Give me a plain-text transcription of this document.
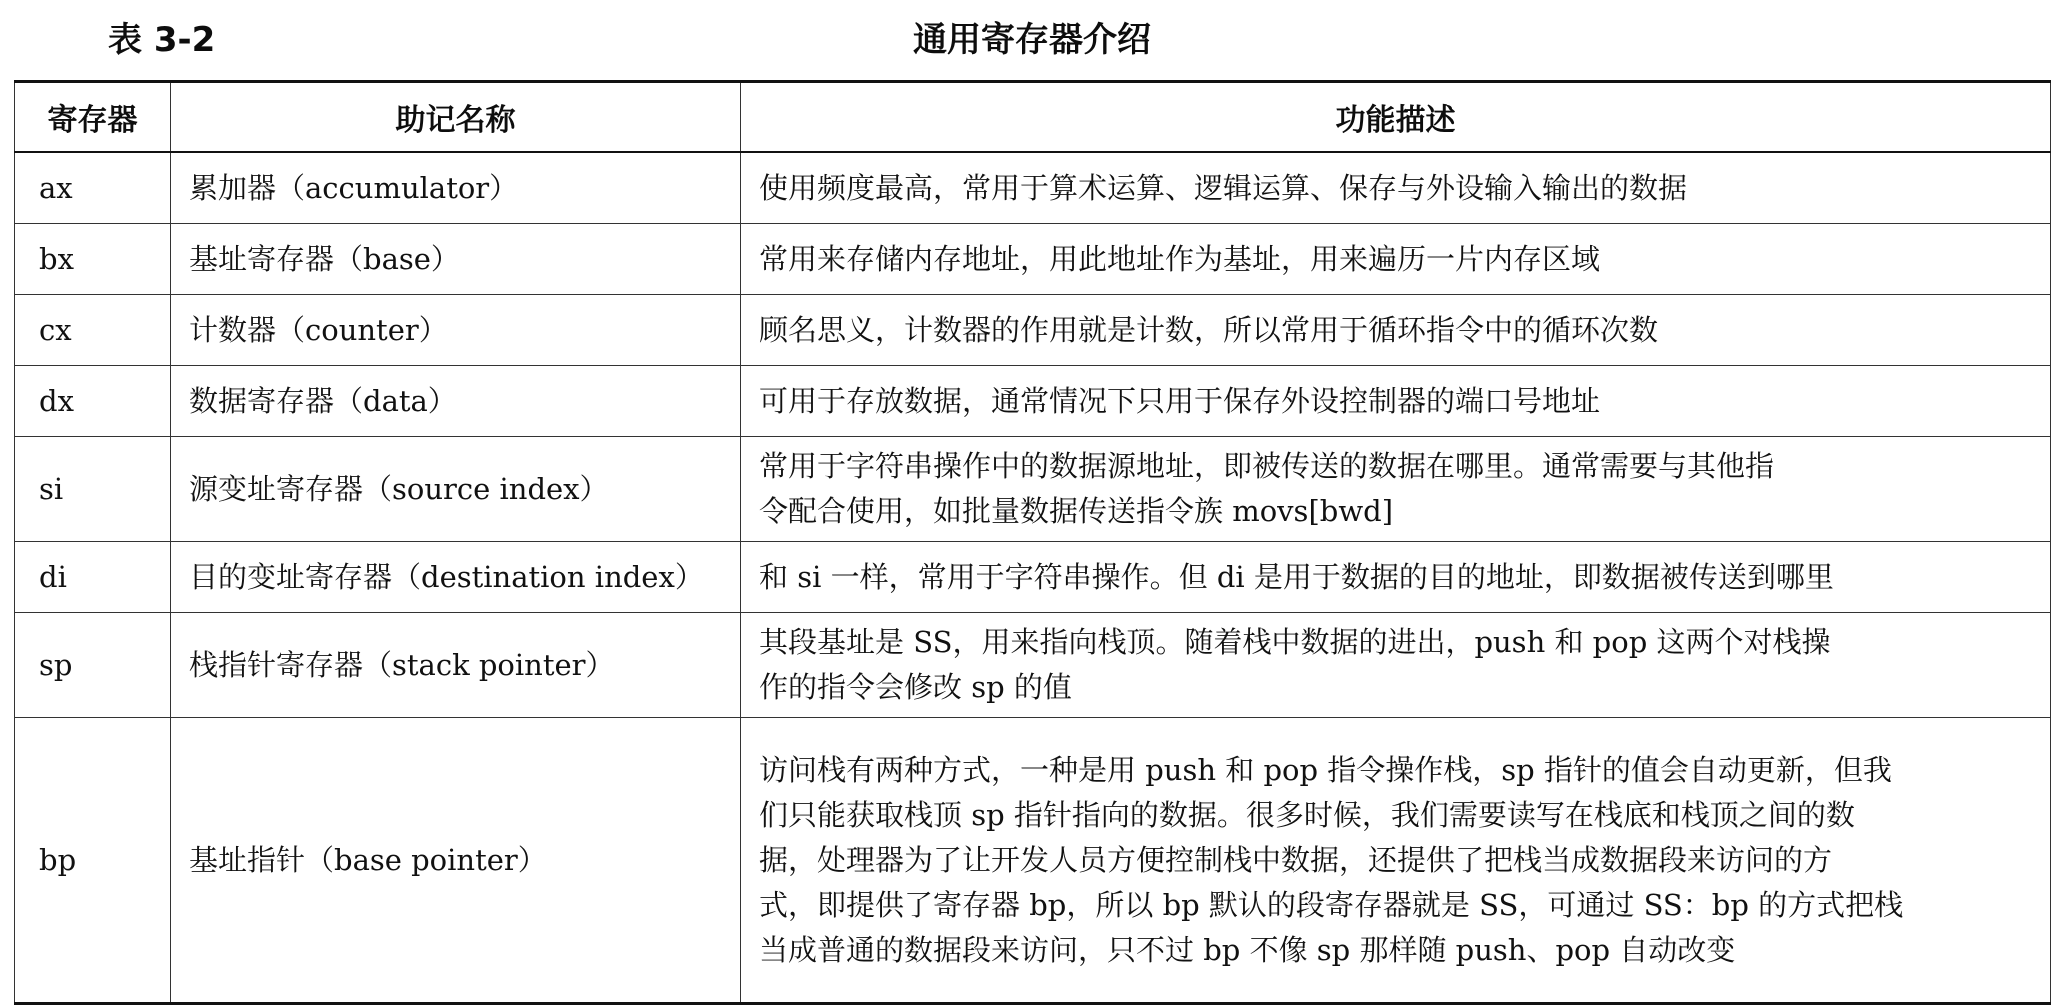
表 3-2	通用寄存器介绍
寄存器	助记名称	功能描述
ax	累加器（accumulator）	使用频度最高，常用于算术运算、逻辑运算、保存与外设输入输出的数据

bx	基址寄存器（base）	常用来存储内存地址，用此地址作为基址，用来遍历一片内存区域

cx	计数器（counter）	顾名思义，计数器的作用就是计数，所以常用于循环指令中的循环次数

dx	数据寄存器（data）	可用于存放数据，通常情况下只用于保存外设控制器的端口号地址

si	源变址寄存器（source index）	常用于字符串操作中的数据源地址，即被传送的数据在哪里。通常需要与其他指
令配合使用，如批量数据传送指令族 movs[bwd]

di	目的变址寄存器（destination index）	和 si 一样，常用于字符串操作。但 di 是用于数据的目的地址，即数据被传送到哪里

sp	栈指针寄存器（stack pointer）	其段基址是 SS，用来指向栈顶。随着栈中数据的进出，push 和 pop 这两个对栈操
作的指令会修改 sp 的值

bp	基址指针（base pointer）	访问栈有两种方式，一种是用 push 和 pop 指令操作栈，sp 指针的值会自动更新，但我
们只能获取栈顶 sp 指针指向的数据。很多时候，我们需要读写在栈底和栈顶之间的数
据，处理器为了让开发人员方便控制栈中数据，还提供了把栈当成数据段来访问的方
式，即提供了寄存器 bp，所以 bp 默认的段寄存器就是 SS，可通过 SS：bp 的方式把栈
当成普通的数据段来访问，只不过 bp 不像 sp 那样随 push、pop 自动改变
